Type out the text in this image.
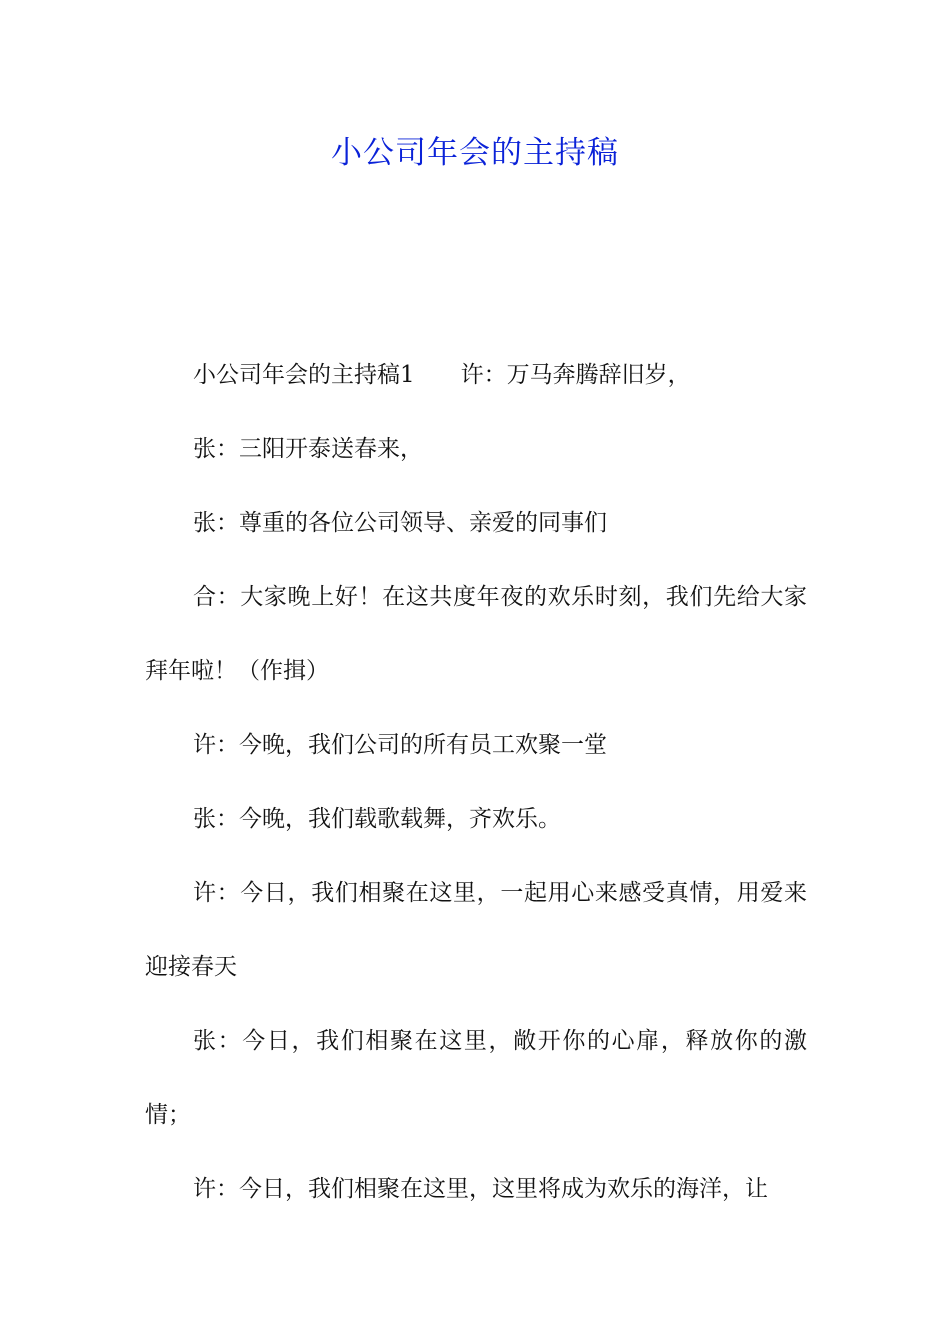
小公司年会的主持稿

小公司年会的主持稿1 许：万马奔腾辞旧岁，

张：三阳开泰送春来，

张：尊重的各位公司领导、亲爱的同事们

合：大家晚上好！在这共度年夜的欢乐时刻，我们先给大家拜年啦！（作揖）

许：今晚，我们公司的所有员工欢聚一堂

张：今晚，我们载歌载舞，齐欢乐。

许：今日，我们相聚在这里，一起用心来感受真情，用爱来迎接春天

张：今日，我们相聚在这里，敞开你的心扉，释放你的激情；

许：今日，我们相聚在这里，这里将成为欢乐的海洋，让
